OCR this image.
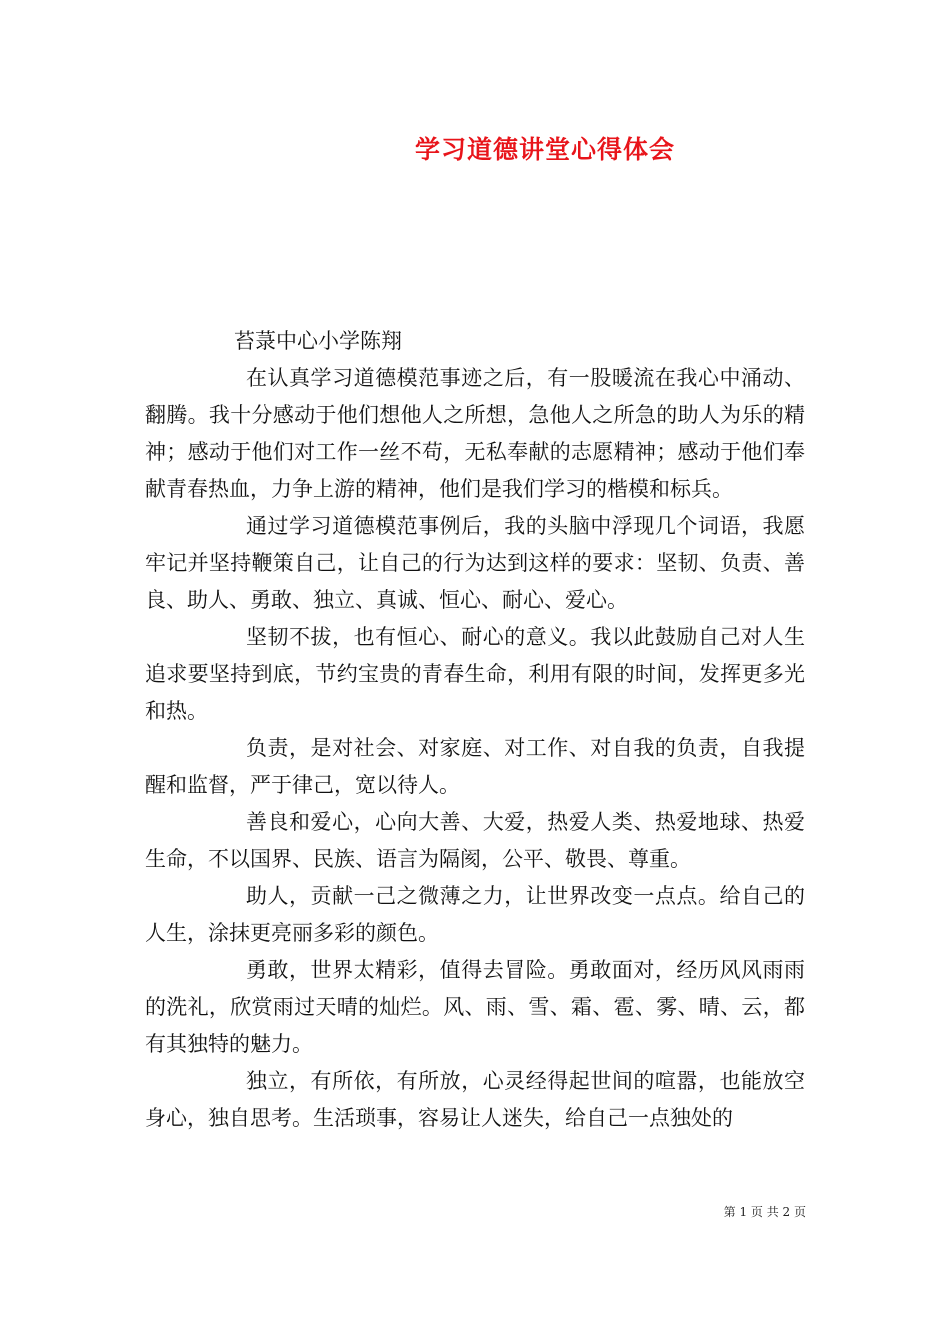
学习道德讲堂心得体会
苔菉中心小学陈翔

在认真学习道德模范事迹之后，有一股暖流在我心中涌动、翻腾。我十分感动于他们想他人之所想，急他人之所急的助人为乐的精神；感动于他们对工作一丝不苟，无私奉献的志愿精神；感动于他们奉献青春热血，力争上游的精神，他们是我们学习的楷模和标兵。

通过学习道德模范事例后，我的头脑中浮现几个词语，我愿牢记并坚持鞭策自己，让自己的行为达到这样的要求：坚韧、负责、善良、助人、勇敢、独立、真诚、恒心、耐心、爱心。

坚韧不拔，也有恒心、耐心的意义。我以此鼓励自己对人生追求要坚持到底，节约宝贵的青春生命，利用有限的时间，发挥更多光和热。

负责，是对社会、对家庭、对工作、对自我的负责，自我提醒和监督，严于律己，宽以待人。

善良和爱心，心向大善、大爱，热爱人类、热爱地球、热爱生命，不以国界、民族、语言为隔阂，公平、敬畏、尊重。

助人，贡献一己之微薄之力，让世界改变一点点。给自己的人生，涂抹更亮丽多彩的颜色。

勇敢，世界太精彩，值得去冒险。勇敢面对，经历风风雨雨的洗礼，欣赏雨过天晴的灿烂。风、雨、雪、霜、雹、雾、晴、云，都有其独特的魅力。

独立，有所依，有所放，心灵经得起世间的喧嚣，也能放空身心，独自思考。生活琐事，容易让人迷失，给自己一点独处的

第 1 页 共 2 页
